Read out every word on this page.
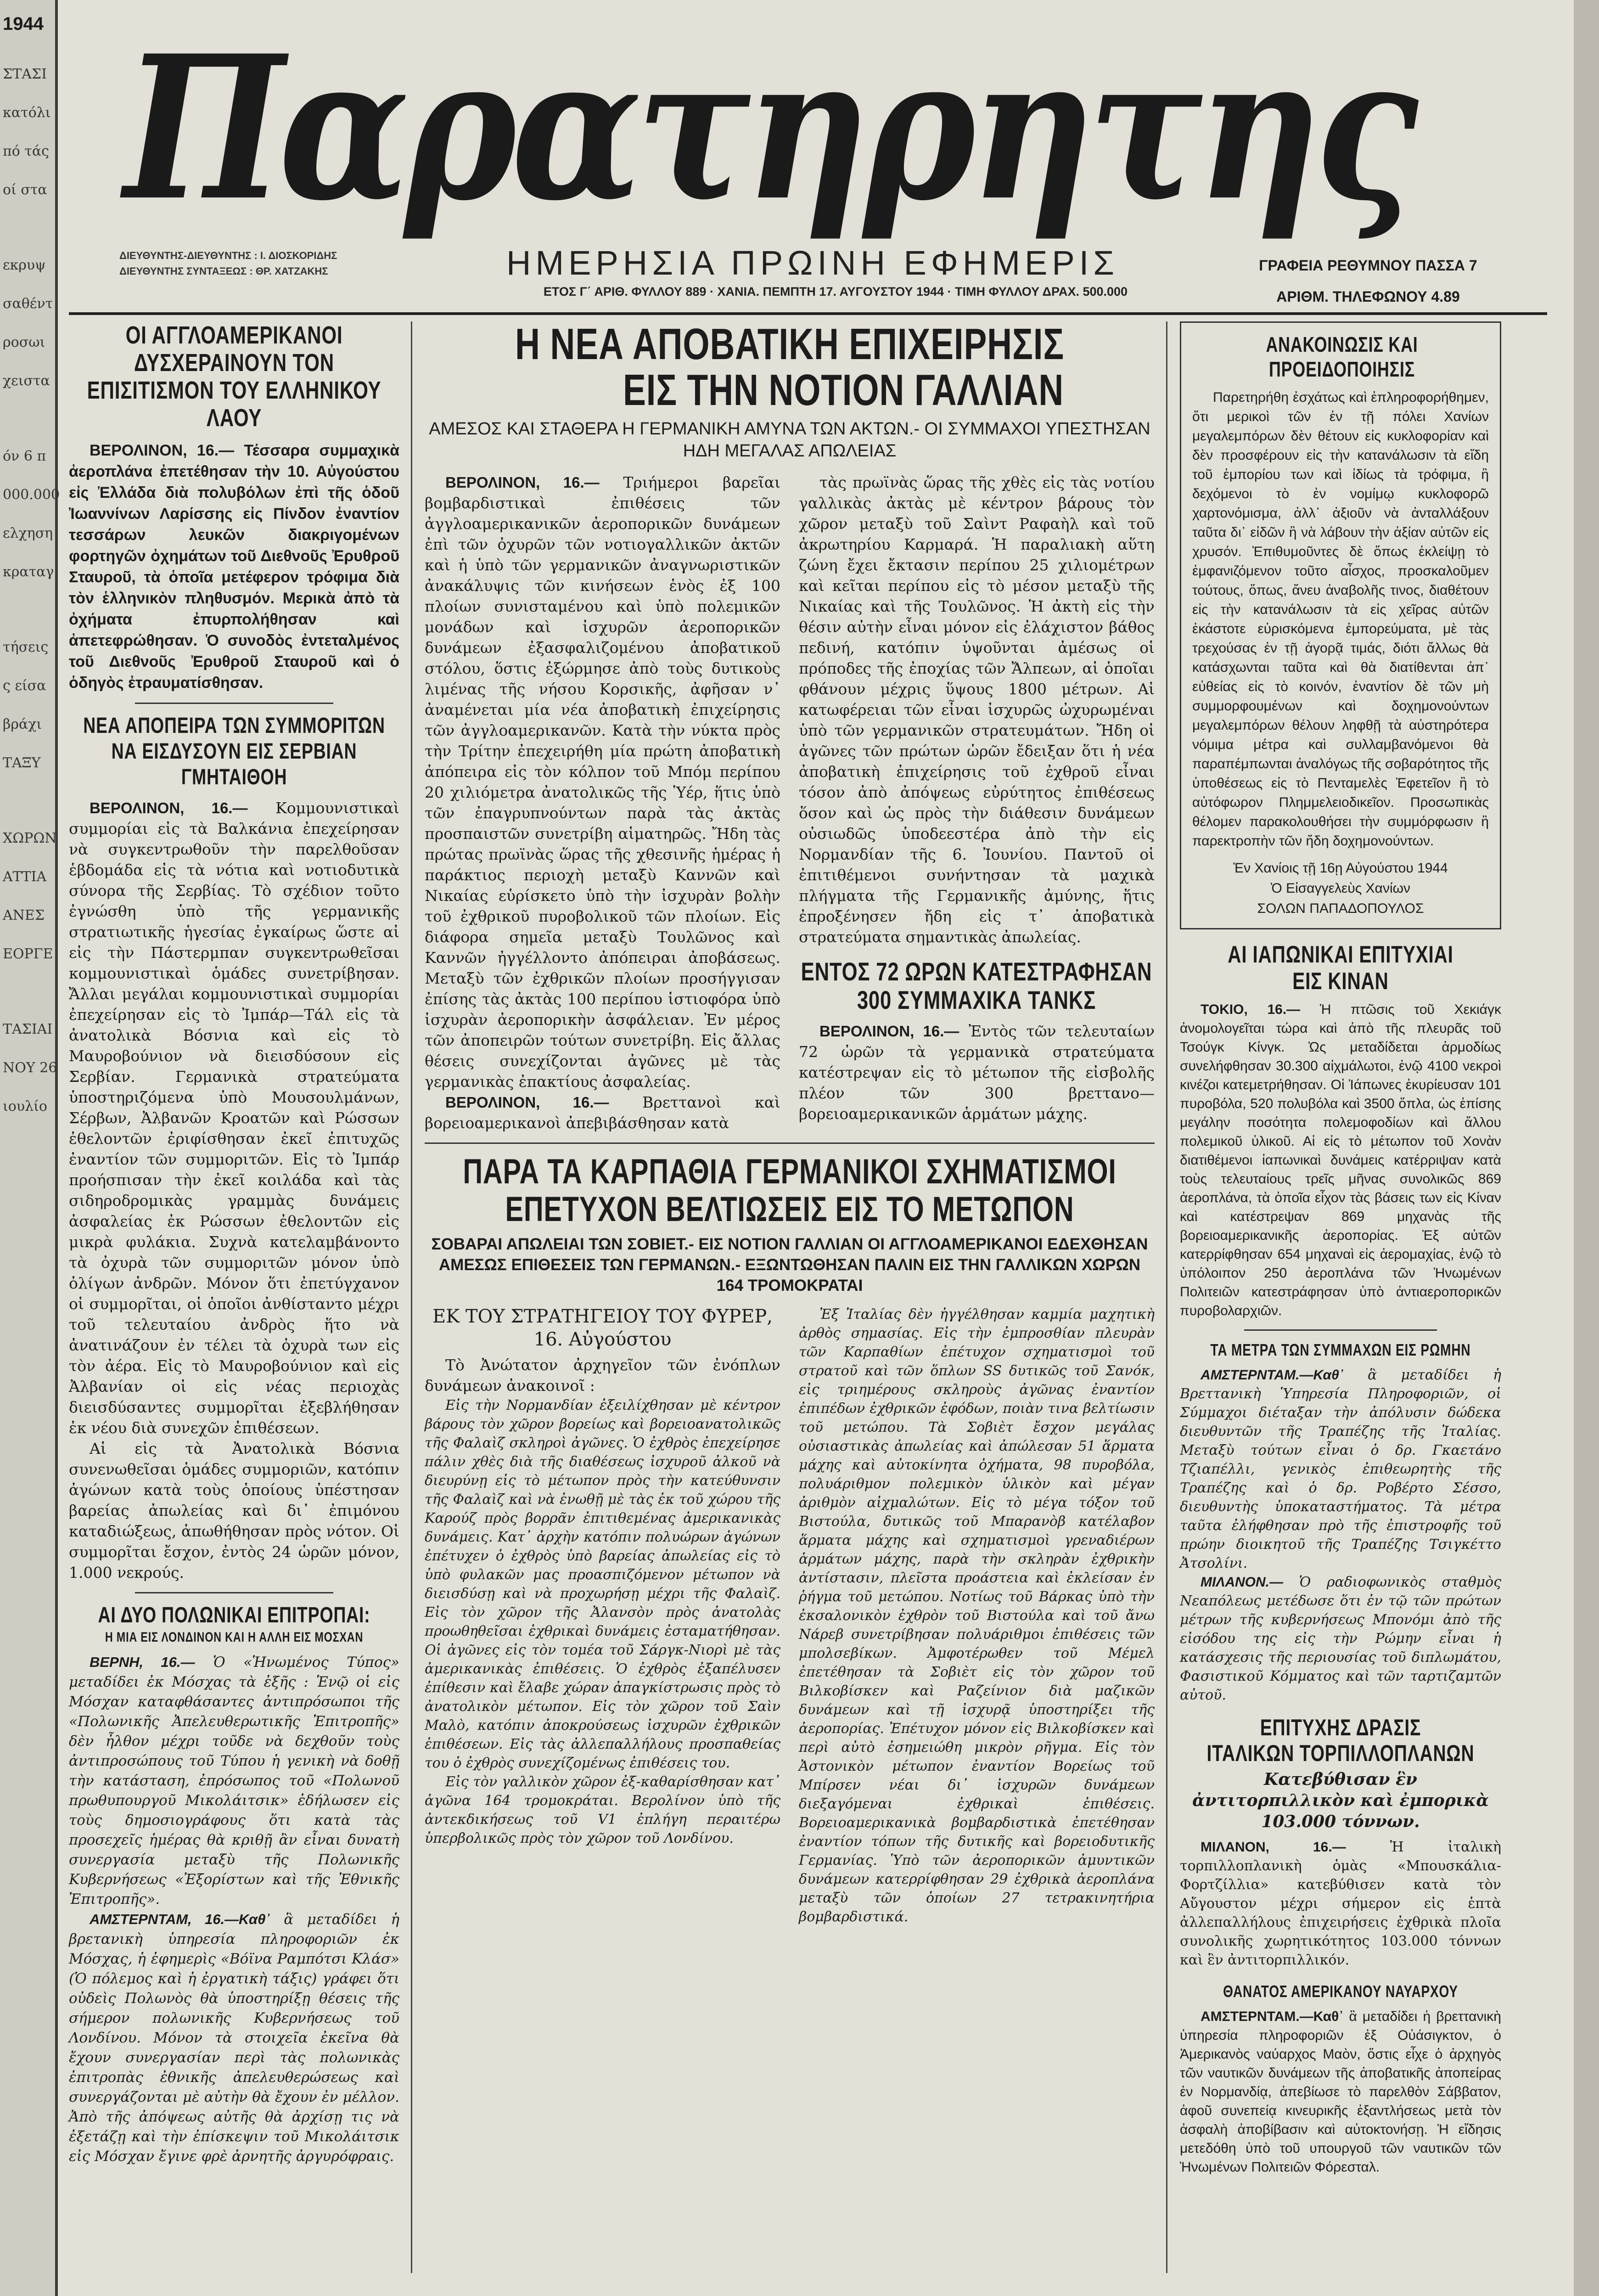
1944
ΣΤΑΣΙ
κατόλι
πό τάς
οί στα
εκρυψ
σαθέντ
ροσωι
χειστα
όν 6 π
000.000
ελχηση
κραταγ
τήσεις
ς είσα
βράχι
ΤΑΞΥ
ΧΩΡΩΝ
ΑΤΤΙΑ
ΑΝΕΣ
ΕΟΡΓΕ
ΤΑΣΙΑΙ
ΝΟΥ 26
ιουλίο
Παρατηρητης
ΔΙΕΥΘΥΝΤΗΣ-ΔΙΕΥΘΥΝΤΗΣ : Ι. ΔΙΟΣΚΟΡΙΔΗΣ
ΔΙΕΥΘΥΝΤΗΣ ΣΥΝΤΑΞΕΩΣ : ΘΡ. ΧΑΤΖΑΚΗΣ	ΗΜΕΡΗΣΙΑ ΠΡΩΙΝΗ ΕΦΗΜΕΡΙΣ
ΕΤΟΣ Γ΄ ΑΡΙΘ. ΦΥΛΛΟΥ 889 · ΧΑΝΙΑ. ΠΕΜΠΤΗ 17. ΑΥΓΟΥΣΤΟΥ 1944 · ΤΙΜΗ ΦΥΛΛΟΥ ΔΡΑΧ. 500.000
ΓΡΑΦΕΙΑ ΡΕΘΥΜΝΟΥ ΠΑΣΣΑ 7
ΑΡΙΘΜ. ΤΗΛΕΦΩΝΟΥ 4.89
ΟΙ ΑΓΓΛΟΑΜΕΡΙΚΑΝΟΙ ΔΥΣΧΕΡΑΙΝΟΥΝ ΤΟΝ ΕΠΙΣΙΤΙΣΜΟΝ ΤΟΥ ΕΛΛΗΝΙΚΟΥ ΛΑΟΥ

ΒΕΡΟΛΙΝΟΝ, 16.— Τέσσαρα συμμαχικὰ ἀεροπλάνα ἐπετέθησαν τὴν 10. Αὐγούστου εἰς Ἑλλάδα διὰ πολυβόλων ἐπὶ τῆς ὁδοῦ Ἰωαννίνων Λαρίσσης εἰς Πίνδον ἐναντίον τεσσάρων λευκῶν διακριγομένων φορτηγῶν ὀχημάτων τοῦ Διεθνοῦς Ἐρυθροῦ Σταυροῦ, τὰ ὁποῖα μετέφερον τρόφιμα διὰ τὸν ἑλληνικὸν πληθυσμόν. Μερικὰ ἀπὸ τὰ ὀχήματα ἐπυρπολήθησαν καὶ ἀπετεφρώθησαν. Ὁ συνοδὸς ἐντεταλμένος τοῦ Διεθνοῦς Ἐρυθροῦ Σταυροῦ καὶ ὁ ὁδηγὸς ἐτραυματίσθησαν.

ΝΕΑ ΑΠΟΠΕΙΡΑ ΤΩΝ ΣΥΜΜΟΡΙΤΩΝ ΝΑ ΕΙΣΔΥΣΟΥΝ ΕΙΣ ΣΕΡΒΙΑΝ ΓΜΗΤΑΙΘΟΗ

ΒΕΡΟΛΙΝΟΝ, 16.— Κομμουνιστικαὶ συμμορίαι εἰς τὰ Βαλκάνια ἐπεχείρησαν νὰ συγκεντρωθοῦν τὴν παρελθοῦσαν ἑβδομάδα εἰς τὰ νότια καὶ νοτιοδυτικὰ σύνορα τῆς Σερβίας. Τὸ σχέδιον τοῦτο ἐγνώσθη ὑπὸ τῆς γερμανικῆς στρατιωτικῆς ἡγεσίας ἐγκαίρως ὥστε αἱ εἰς τὴν Πάστερμπαν συγκεντρωθεῖσαι κομμουνιστικαὶ ὁμάδες συνετρίβησαν. Ἄλλαι μεγάλαι κομμουνιστικαὶ συμμορίαι ἐπεχείρησαν εἰς τὸ Ἰμπάρ—Τάλ εἰς τὰ ἀνατολικὰ Βόσνια καὶ εἰς τὸ Μαυροβούνιον νὰ διεισδύσουν εἰς Σερβίαν. Γερμανικὰ στρατεύματα ὑποστηριζόμενα ὑπὸ Μουσουλμάνων, Σέρβων, Ἀλβανῶν Κροατῶν καὶ Ρώσσων ἐθελοντῶν ἐριφίσθησαν ἐκεῖ ἐπιτυχῶς ἐναντίον τῶν συμμοριτῶν. Εἰς τὸ Ἰμπάρ προήσπισαν τὴν ἐκεῖ κοιλάδα καὶ τὰς σιδηροδρομικὰς γραμμὰς δυνάμεις ἀσφαλείας ἐκ Ρώσσων ἐθελοντῶν εἰς μικρὰ φυλάκια. Συχνὰ κατελαμβάνοντο τὰ ὀχυρὰ τῶν συμμοριτῶν μόνον ὑπὸ ὀλίγων ἀνδρῶν. Μόνον ὅτι ἐπετύγχανον οἱ συμμορῖται, οἱ ὁποῖοι ἀνθίσταντο μέχρι τοῦ τελευταίου ἀνδρὸς ἥτο νὰ ἀνατινάζουν ἐν τέλει τὰ ὀχυρὰ των εἰς τὸν ἀέρα. Εἰς τὸ Μαυροβούνιον καὶ εἰς Ἀλβανίαν οἱ εἰς νέας περιοχὰς διεισδύσαντες συμμορῖται ἐξεβλήθησαν ἐκ νέου διὰ συνεχῶν ἐπιθέσεων.

Αἱ εἰς τὰ Ἀνατολικὰ Βόσνια συνενωθεῖσαι ὁμάδες συμμοριῶν, κατόπιν ἀγώνων κατὰ τοὺς ὁποίους ὑπέστησαν βαρείας ἀπωλείας καὶ δι᾽ ἐπιμόνου καταδιώξεως, ἀπωθήθησαν πρὸς νότον. Οἱ συμμορῖται ἔσχον, ἐντὸς 24 ὡρῶν μόνον, 1.000 νεκρούς.

ΑΙ ΔΥΟ ΠΟΛΩΝΙΚΑΙ ΕΠΙΤΡΟΠΑΙ:
Η ΜΙΑ ΕΙΣ ΛΟΝΔΙΝΟΝ ΚΑΙ Η ΑΛΛΗ ΕΙΣ ΜΟΣΧΑΝ

ΒΕΡΝΗ, 16.— Ὁ «Ἡνωμένος Τύπος» μεταδίδει ἐκ Μόσχας τὰ ἑξῆς : Ἑνῷ οἱ εἰς Μόσχαν καταφθάσαντες ἀντιπρόσωποι τῆς «Πολωνικῆς Ἀπελευθερωτικῆς Ἐπιτροπῆς» δὲν ἦλθον μέχρι τοῦδε νὰ δεχθοῦν τοὺς ἀντιπροσώπους τοῦ Τύπου ἡ γενικὴ νὰ δοθῇ τὴν κατάσταση, ἐπρόσωπος τοῦ «Πολωνοῦ πρωθυπουργοῦ Μικολάιτσικ» ἐδήλωσεν εἰς τοὺς δημοσιογράφους ὅτι κατὰ τὰς προσεχεῖς ἡμέρας θὰ κριθῇ ἂν εἶναι δυνατὴ συνεργασία μεταξὺ τῆς Πολωνικῆς Κυβερνήσεως «Ἐξορίστων καὶ τῆς Ἐθνικῆς Ἐπιτροπῆς».

ΑΜΣΤΕΡΝΤΑΜ, 16.—Καθ᾽ ἃ μεταδίδει ἡ βρετανικὴ ὑπηρεσία πληροφοριῶν ἐκ Μόσχας, ἡ ἐφημερὶς «Βόϊνα Ραμπότσι Κλάσ» (Ὁ πόλεμος καὶ ἡ ἐργατικὴ τάξις) γράφει ὅτι οὐδεὶς Πολωνὸς θὰ ὑποστηρίξῃ θέσεις τῆς σήμερον πολωνικῆς Κυβερνήσεως τοῦ Λονδίνου. Μόνον τὰ στοιχεῖα ἐκεῖνα θὰ ἔχουν συνεργασίαν περὶ τὰς πολωνικὰς ἐπιτροπὰς ἐθνικῆς ἀπελευθερώσεως καὶ συνεργάζονται μὲ αὐτὴν θὰ ἔχουν ἐν μέλλον. Ἀπὸ τῆς ἀπόψεως αὐτῆς θὰ ἀρχίσῃ τις νὰ ἐξετάζῃ καὶ τὴν ἐπίσκεψιν τοῦ Μικολάιτσικ εἰς Μόσχαν ἔγινε φρὲ ἀρνητῆς ἀργυρόφραις.

Η ΝΕΑ ΑΠΟΒΑΤΙΚΗ ΕΠΙΧΕΙΡΗΣΙΣ
ΕΙΣ ΤΗΝ ΝΟΤΙΟΝ ΓΑΛΛΙΑΝ
ΑΜΕΣΟΣ ΚΑΙ ΣΤΑΘΕΡΑ Η ΓΕΡΜΑΝΙΚΗ ΑΜΥΝΑ ΤΩΝ ΑΚΤΩΝ.- ΟΙ ΣΥΜΜΑΧΟΙ ΥΠΕΣΤΗΣΑΝ ΗΔΗ ΜΕΓΑΛΑΣ ΑΠΩΛΕΙΑΣ

ΒΕΡΟΛΙΝΟΝ, 16.— Τριήμεροι βαρεῖαι βομβαρδιστικαὶ ἐπιθέσεις τῶν ἀγγλοαμερικανικῶν ἀεροπορικῶν δυνάμεων ἐπὶ τῶν ὀχυρῶν τῶν νοτιογαλλικῶν ἀκτῶν καὶ ἡ ὑπὸ τῶν γερμανικῶν ἀναγνωριστικῶν ἀνακάλυψις τῶν κινήσεων ἑνὸς ἐξ 100 πλοίων συνισταμένου καὶ ὑπὸ πολεμικῶν μονάδων καὶ ἰσχυρῶν ἀεροπορικῶν δυνάμεων ἐξασφαλιζομένου ἀποβατικοῦ στόλου, ὅστις ἐξώρμησε ἀπὸ τοὺς δυτικοὺς λιμένας τῆς νήσου Κορσικῆς, ἀφῆσαν ν᾽ ἀναμένεται μία νέα ἀποβατικὴ ἐπιχείρησις τῶν ἀγγλοαμερικανῶν. Κατὰ τὴν νύκτα πρὸς τὴν Τρίτην ἐπεχειρήθη μία πρώτη ἀποβατικὴ ἀπόπειρα εἰς τὸν κόλπον τοῦ Μπόμ περίπου 20 χιλιόμετρα ἀνατολικῶς τῆς Ὑέρ, ἥτις ὑπὸ τῶν ἐπαγρυπνούντων παρὰ τὰς ἀκτὰς προσπαιστῶν συνετρίβη αἱματηρῶς. Ἤδη τὰς πρώτας πρωϊνὰς ὥρας τῆς χθεσινῆς ἡμέρας ἡ παράκτιος περιοχὴ μεταξὺ Καννῶν καὶ Νικαίας εὑρίσκετο ὑπὸ τὴν ἰσχυρὰν βολὴν τοῦ ἐχθρικοῦ πυροβολικοῦ τῶν πλοίων. Εἰς διάφορα σημεῖα μεταξὺ Τουλῶνος καὶ Καννῶν ἠγγέλλοντο ἀπόπειραι ἀποβάσεως. Μεταξὺ τῶν ἐχθρικῶν πλοίων προσήγγισαν ἐπίσης τὰς ἀκτὰς 100 περίπου ἱστιοφόρα ὑπὸ ἰσχυρὰν ἀεροπορικὴν ἀσφάλειαν. Ἐν μέρος τῶν ἀποπειρῶν τούτων συνετρίβη. Εἰς ἄλλας θέσεις συνεχίζονται ἀγῶνες μὲ τὰς γερμανικὰς ἐπακτίους ἀσφαλείας.

ΒΕΡΟΛΙΝΟΝ, 16.— Βρεττανοὶ καὶ βορειοαμερικανοὶ ἀπεβιβάσθησαν κατὰ

τὰς πρωϊνὰς ὥρας τῆς χθὲς εἰς τὰς νοτίου γαλλικὰς ἀκτὰς μὲ κέντρον βάρους τὸν χῶρον μεταξὺ τοῦ Σαὶντ Ραφαὴλ καὶ τοῦ ἀκρωτηρίου Καρμαρά. Ἡ παραλιακὴ αὕτη ζώνη ἔχει ἔκτασιν περίπου 25 χιλιομέτρων καὶ κεῖται περίπου εἰς τὸ μέσον μεταξὺ τῆς Νικαίας καὶ τῆς Τουλῶνος. Ἡ ἀκτὴ εἰς τὴν θέσιν αὐτὴν εἶναι μόνον εἰς ἐλάχιστον βάθος πεδινή, κατόπιν ὑψοῦνται ἀμέσως οἱ πρόποδες τῆς ἐποχίας τῶν Ἄλπεων, αἱ ὁποῖαι φθάνουν μέχρις ὕψους 1800 μέτρων. Αἱ κατωφέρειαι τῶν εἶναι ἰσχυρῶς ὠχυρωμέναι ὑπὸ τῶν γερμανικῶν στρατευμάτων. Ἤδη οἱ ἀγῶνες τῶν πρώτων ὡρῶν ἔδειξαν ὅτι ἡ νέα ἀποβατικὴ ἐπιχείρησις τοῦ ἐχθροῦ εἶναι τόσον ἀπὸ ἀπόψεως εὐρύτητος ἐπιθέσεως ὅσον καὶ ὡς πρὸς τὴν διάθεσιν δυνάμεων οὐσιωδῶς ὑποδεεστέρα ἀπὸ τὴν εἰς Νορμανδίαν τῆς 6. Ἰουνίου. Παντοῦ οἱ ἐπιτιθέμενοι συνήντησαν τὰ μαχικὰ πλήγματα τῆς Γερμανικῆς ἀμύνης, ἥτις ἐπροξένησεν ἤδη εἰς τ᾽ ἀποβατικὰ στρατεύματα σημαντικὰς ἀπωλείας.

ΕΝΤΟΣ 72 ΩΡΩΝ ΚΑΤΕΣΤΡΑΦΗΣΑΝ
300 ΣΥΜΜΑΧΙΚΑ ΤΑΝΚΣ

ΒΕΡΟΛΙΝΟΝ, 16.— Ἐντὸς τῶν τελευταίων 72 ὡρῶν τὰ γερμανικὰ στρατεύματα κατέστρεψαν εἰς τὸ μέτωπον τῆς εἰσβολῆς πλέον τῶν 300 βρεττανο—βορειοαμερικανικῶν ἁρμάτων μάχης.

ΠΑΡΑ ΤΑ ΚΑΡΠΑΘΙΑ ΓΕΡΜΑΝΙΚΟΙ ΣΧΗΜΑΤΙΣΜΟΙ
ΕΠΕΤΥΧΟΝ ΒΕΛΤΙΩΣΕΙΣ ΕΙΣ ΤΟ ΜΕΤΩΠΟΝ
ΣΟΒΑΡΑΙ ΑΠΩΛΕΙΑΙ ΤΩΝ ΣΟΒΙΕΤ.- ΕΙΣ ΝΟΤΙΟΝ ΓΑΛΛΙΑΝ ΟΙ ΑΓΓΛΟΑΜΕΡΙΚΑΝΟΙ ΕΔΕΧΘΗΣΑΝ ΑΜΕΣΩΣ ΕΠΙΘΕΣΕΙΣ ΤΩΝ ΓΕΡΜΑΝΩΝ.- ΕΞΩΝΤΩΘΗΣΑΝ ΠΑΛΙΝ ΕΙΣ ΤΗΝ ΓΑΛΛΙΚΩΝ ΧΩΡΩΝ 164 ΤΡΟΜΟΚΡΑΤΑΙ
ΕΚ ΤΟΥ ΣΤΡΑΤΗΓΕΙΟΥ ΤΟΥ ΦΥΡΕΡ, 16. Αὐγούστου

Τὸ Ἀνώτατον ἀρχηγεῖον τῶν ἐνόπλων δυνάμεων ἀνακοινοῖ :

Εἰς τὴν Νορμανδίαν ἐξειλίχθησαν μὲ κέντρον βάρους τὸν χῶρον βορείως καὶ βορειοανατολικῶς τῆς Φαλαὶζ σκληροὶ ἀγῶνες. Ὁ ἐχθρὸς ἐπεχείρησε πάλιν χθὲς διὰ τῆς διαθέσεως ἰσχυροῦ ἀλκοῦ νὰ διευρύνῃ εἰς τὸ μέτωπον πρὸς τὴν κατεύθυνσιν τῆς Φαλαὶζ καὶ νὰ ἑνωθῇ μὲ τὰς ἐκ τοῦ χώρου τῆς Καρούζ πρὸς βορρᾶν ἐπιτιθεμένας ἀμερικανικὰς δυνάμεις. Κατ᾽ ἀρχὴν κατόπιν πολυώρων ἀγώνων ἐπέτυχεν ὁ ἐχθρὸς ὑπὸ βαρείας ἀπωλείας εἰς τὸ ὑπὸ φυλακῶν μας προασπιζόμενον μέτωπον νὰ διεισδύσῃ καὶ νὰ προχωρήσῃ μέχρι τῆς Φαλαὶζ. Εἰς τὸν χῶρον τῆς Ἀλανσὸν πρὸς ἀνατολὰς προωθηθεῖσαι ἐχθρικαὶ δυνάμεις ἐσταματήθησαν. Οἱ ἀγῶνες εἰς τὸν τομέα τοῦ Σάργκ-Νιορὶ μὲ τὰς ἀμερικανικὰς ἐπιθέσεις. Ὁ ἐχθρὸς ἐξαπέλυσεν ἐπίθεσιν καὶ ἔλαβε χώραν ἀπαγκίστρωσις πρὸς τὸ ἀνατολικὸν μέτωπον. Εἰς τὸν χῶρον τοῦ Σαὶν Μαλὸ, κατόπιν ἀποκρούσεως ἰσχυρῶν ἐχθρικῶν ἐπιθέσεων. Εἰς τὰς ἀλλεπαλλήλους προσπαθείας του ὁ ἐχθρὸς συνεχίζομένως ἐπιθέσεις του.

Εἰς τὸν γαλλικὸν χῶρον ἐξ-καθαρίσθησαν κατ᾽ ἀγῶνα 164 τρομοκράται. Βερολίνον ὑπὸ τῆς ἀντεκδικήσεως τοῦ V1 ἐπλήγη περαιτέρω ὑπερβολικῶς πρὸς τὸν χῶρον τοῦ Λονδίνου.

Ἐξ Ἰταλίας δὲν ἠγγέλθησαν καμμία μαχητικὴ ἀρθὸς σημασίας. Εἰς τὴν ἐμπροσθίαν πλευρὰν τῶν Καρπαθίων ἐπέτυχον σχηματισμοὶ τοῦ στρατοῦ καὶ τῶν ὅπλων SS δυτικῶς τοῦ Σανόκ, εἰς τριημέρους σκληροὺς ἀγῶνας ἐναντίον ἐπιπέδων ἐχθρικῶν ἐφόδων, ποιὰν τινα βελτίωσιν τοῦ μετώπου. Τὰ Σοβιὲτ ἔσχον μεγάλας οὐσιαστικὰς ἀπωλείας καὶ ἀπώλεσαν 51 ἅρματα μάχης καὶ αὐτοκίνητα ὀχήματα, 98 πυροβόλα, πολυάριθμον πολεμικὸν ὑλικὸν καὶ μέγαν ἀριθμὸν αἰχμαλώτων. Εἰς τὸ μέγα τόξον τοῦ Βιστούλα, δυτικῶς τοῦ Μπαρανὸβ κατέλαβον ἅρματα μάχης καὶ σχηματισμοὶ γρεναδιέρων ἁρμάτων μάχης, παρὰ τὴν σκληρὰν ἐχθρικὴν ἀντίστασιν, πλεῖστα προάστεια καὶ ἐκλείσαν ἐν ῥήγμα τοῦ μετώπου. Νοτίως τοῦ Βάρκας ὑπὸ τὴν ἐκσαλονικὸν ἐχθρὸν τοῦ Βιστούλα καὶ τοῦ ἄνω Νάρεβ συνετρίβησαν πολυάριθμοι ἐπιθέσεις τῶν μπολσεβίκων. Ἀμφοτέρωθεν τοῦ Μέμελ ἐπετέθησαν τὰ Σοβιὲτ εἰς τὸν χῶρον τοῦ Βιλκοβίσκεν καὶ Ραζείνιον διὰ μαζικῶν δυνάμεων καὶ τῇ ἰσχυρᾷ ὑποστηρίξει τῆς ἀεροπορίας. Ἐπέτυχον μόνον εἰς Βιλκοβίσκεν καὶ περὶ αὐτὸ ἐσημειώθη μικρὸν ρῆγμα. Εἰς τὸν Ἀστονικὸν μέτωπον ἐναντίον Βορείως τοῦ Μπίρσεν νέαι δι᾽ ἰσχυρῶν δυνάμεων διεξαγόμεναι ἐχθρικαὶ ἐπιθέσεις. Βορειοαμερικανικὰ βομβαρδιστικὰ ἐπετέθησαν ἐναντίον τόπων τῆς δυτικῆς καὶ βορειοδυτικῆς Γερμανίας. Ὑπὸ τῶν ἀεροπορικῶν ἀμυντικῶν δυνάμεων κατερρίφθησαν 29 ἐχθρικὰ ἀεροπλάνα μεταξὺ τῶν ὁποίων 27 τετρακινητήρια βομβαρδιστικά.

ΑΝΑΚΟΙΝΩΣΙΣ ΚΑΙ ΠΡΟΕΙΔΟΠΟΙΗΣΙΣ

Παρετηρήθη ἐσχάτως καὶ ἐπληροφορήθημεν, ὅτι μερικοὶ τῶν ἐν τῇ πόλει Χανίων μεγαλεμπόρων δὲν θέτουν εἰς κυκλοφορίαν καὶ δὲν προσφέρουν εἰς τὴν κατανάλωσιν τὰ εἴδη τοῦ ἐμπορίου των καὶ ἰδίως τὰ τρόφιμα, ἢ δεχόμενοι τὸ ἐν νομίμῳ κυκλοφορῶ χαρτονόμισμα, ἀλλ᾽ ἀξιοῦν νὰ ἀνταλλάξουν ταῦτα δι᾽ εἰδῶν ἢ νὰ λάβουν τὴν ἀξίαν αὐτῶν εἰς χρυσόν. Ἐπιθυμοῦντες δὲ ὅπως ἐκλείψῃ τὸ ἐμφανιζόμενον τοῦτο αἶσχος, προσκαλοῦμεν τούτους, ὅπως, ἄνευ ἀναβολῆς τινος, διαθέτουν εἰς τὴν κατανάλωσιν τὰ εἰς χεῖρας αὐτῶν ἐκάστοτε εὑρισκόμενα ἐμπορεύματα, μὲ τὰς τρεχούσας ἐν τῇ ἀγορᾷ τιμάς, διότι ἄλλως θὰ κατάσχωνται ταῦτα καὶ θὰ διατίθενται ἀπ᾽ εὐθείας εἰς τὸ κοινόν, ἐναντίον δὲ τῶν μὴ συμμορφουμένων καὶ δοχημονούντων μεγαλεμπόρων θέλουν ληφθῇ τὰ αὐστηρότερα νόμιμα μέτρα καὶ συλλαμβανόμενοι θὰ παραπέμπωνται ἀναλόγως τῆς σοβαρότητος τῆς ὑποθέσεως εἰς τὸ Πενταμελὲς Ἐφετεῖον ἢ τὸ αὐτόφωρον Πλημμελειοδικεῖον. Προσωπικὰς θέλομεν παρακολουθήσει τὴν συμμόρφωσιν ἢ παρεκτροπὴν τῶν ἤδη δοχημονούντων.

Ἐν Χανίοις τῇ 16ῃ Αὐγούστου 1944
Ὁ Εἰσαγγελεὺς Χανίων
ΣΟΛΩΝ ΠΑΠΑΔΟΠΟΥΛΟΣ
ΑΙ ΙΑΠΩΝΙΚΑΙ ΕΠΙΤΥΧΙΑΙ
ΕΙΣ ΚΙΝΑΝ

ΤΟΚΙΟ, 16.— Ἡ πτῶσις τοῦ Χεκιάγκ ἀνομολογεῖται τώρα καὶ ἀπὸ τῆς πλευρᾶς τοῦ Τσούγκ Κίνγκ. Ὡς μεταδίδεται ἁρμοδίως συνελήφθησαν 30.300 αἰχμάλωτοι, ἐνῷ 4100 νεκροὶ κινέζοι κατεμετρήθησαν. Οἱ Ἰάπωνες ἐκυρίευσαν 101 πυροβόλα, 520 πολυβόλα καὶ 3500 ὅπλα, ὡς ἐπίσης μεγάλην ποσότητα πολεμοφοδίων καὶ ἄλλου πολεμικοῦ ὑλικοῦ. Αἱ εἰς τὸ μέτωπον τοῦ Χονὰν διατιθέμενοι ἰαπωνικαὶ δυνάμεις κατέρριψαν κατὰ τοὺς τελευταίους τρεῖς μῆνας συνολικῶς 869 ἀεροπλάνα, τὰ ὁποῖα εἶχον τὰς βάσεις των εἰς Κίναν καὶ κατέστρεψαν 869 μηχανὰς τῆς βορειοαμερικανικῆς ἀεροπορίας. Ἐξ αὐτῶν κατερρίφθησαν 654 μηχαναὶ εἰς ἀερομαχίας, ἐνῷ τὸ ὑπόλοιπον 250 ἀεροπλάνα τῶν Ἡνωμένων Πολιτειῶν κατεστράφησαν ὑπὸ ἀντιαεροπορικῶν πυροβολαρχιῶν.

ΤΑ ΜΕΤΡΑ ΤΩΝ ΣΥΜΜΑΧΩΝ ΕΙΣ ΡΩΜΗΝ

ΑΜΣΤΕΡΝΤΑΜ.—Καθ᾽ ἃ μεταδίδει ἡ Βρεττανικὴ Ὑπηρεσία Πληροφοριῶν, οἱ Σύμμαχοι διέταξαν τὴν ἀπόλυσιν δώδεκα διευθυντῶν τῆς Τραπέζης τῆς Ἰταλίας. Μεταξὺ τούτων εἶναι ὁ δρ. Γκαετάνο Τζιαπέλλι, γενικὸς ἐπιθεωρητὴς τῆς Τραπέζης καὶ ὁ δρ. Ροβέρτο Σέσσο, διευθυντὴς ὑποκαταστήματος. Τὰ μέτρα ταῦτα ἐλήφθησαν πρὸ τῆς ἐπιστροφῆς τοῦ πρώην διοικητοῦ τῆς Τραπέζης Τσιγκέττο Ἀτσολίνι.

ΜΙΛΑΝΟΝ.— Ὁ ραδιοφωνικὸς σταθμὸς Νεαπόλεως μετέδωσε ὅτι ἐν τῷ τῶν πρώτων μέτρων τῆς κυβερνήσεως Μπονόμι ἀπὸ τῆς εἰσόδου της εἰς τὴν Ρώμην εἶναι ἡ κατάσχεσις τῆς περιουσίας τοῦ διπλωμάτου, Φασιστικοῦ Κόμματος καὶ τῶν ταρτιζαμτῶν αὐτοῦ.

ΕΠΙΤΥΧΗΣ ΔΡΑΣΙΣ
ΙΤΑΛΙΚΩΝ ΤΟΡΠΙΛΛΟΠΛΑΝΩΝ
Κατεβύθισαν ἓν ἀντιτορπιλλικὸν καὶ ἐμπορικὰ 103.000 τόννων.

ΜΙΛΑΝΟΝ, 16.—	Ἡ ἰταλικὴ τορπιλλοπλανικὴ ὁμὰς «Μπουσκάλια-Φορτζίλλια» κατεβύθισεν κατὰ τὸν Αὔγουστον μέχρι σήμερον εἰς ἑπτὰ ἀλλεπαλλήλους ἐπιχειρήσεις ἐχθρικὰ πλοῖα συνολικῆς χωρητικότητος 103.000 τόννων καὶ ἓν ἀντιτορπιλλικόν.

ΘΑΝΑΤΟΣ ΑΜΕΡΙΚΑΝΟΥ ΝΑΥΑΡΧΟΥ

ΑΜΣΤΕΡΝΤΑΜ.—Καθ᾽ ἃ μεταδίδει ἡ βρεττανικὴ ὑπηρεσία πληροφοριῶν ἐξ Οὐάσιγκτον, ὁ Ἀμερικανὸς ναύαρχος Μαὸν, ὅστις εἶχε ὁ ἀρχηγὸς τῶν ναυτικῶν δυνάμεων τῆς ἀποβατικῆς ἀποπείρας ἐν Νορμανδίᾳ, ἀπεβίωσε τὸ παρελθὸν Σάββατον, ἀφοῦ συνεπείᾳ κινευρικῆς ἐξαντλήσεως μετὰ τὸν ἀσφαλὴ ἀποβίβασιν καὶ αὐτοκτονήσῃ. Ἡ εἴδησις μετεδόθη ὑπὸ τοῦ υπουργοῦ τῶν ναυτικῶν τῶν Ἡνωμένων Πολιτειῶν Φόρεσταλ.
